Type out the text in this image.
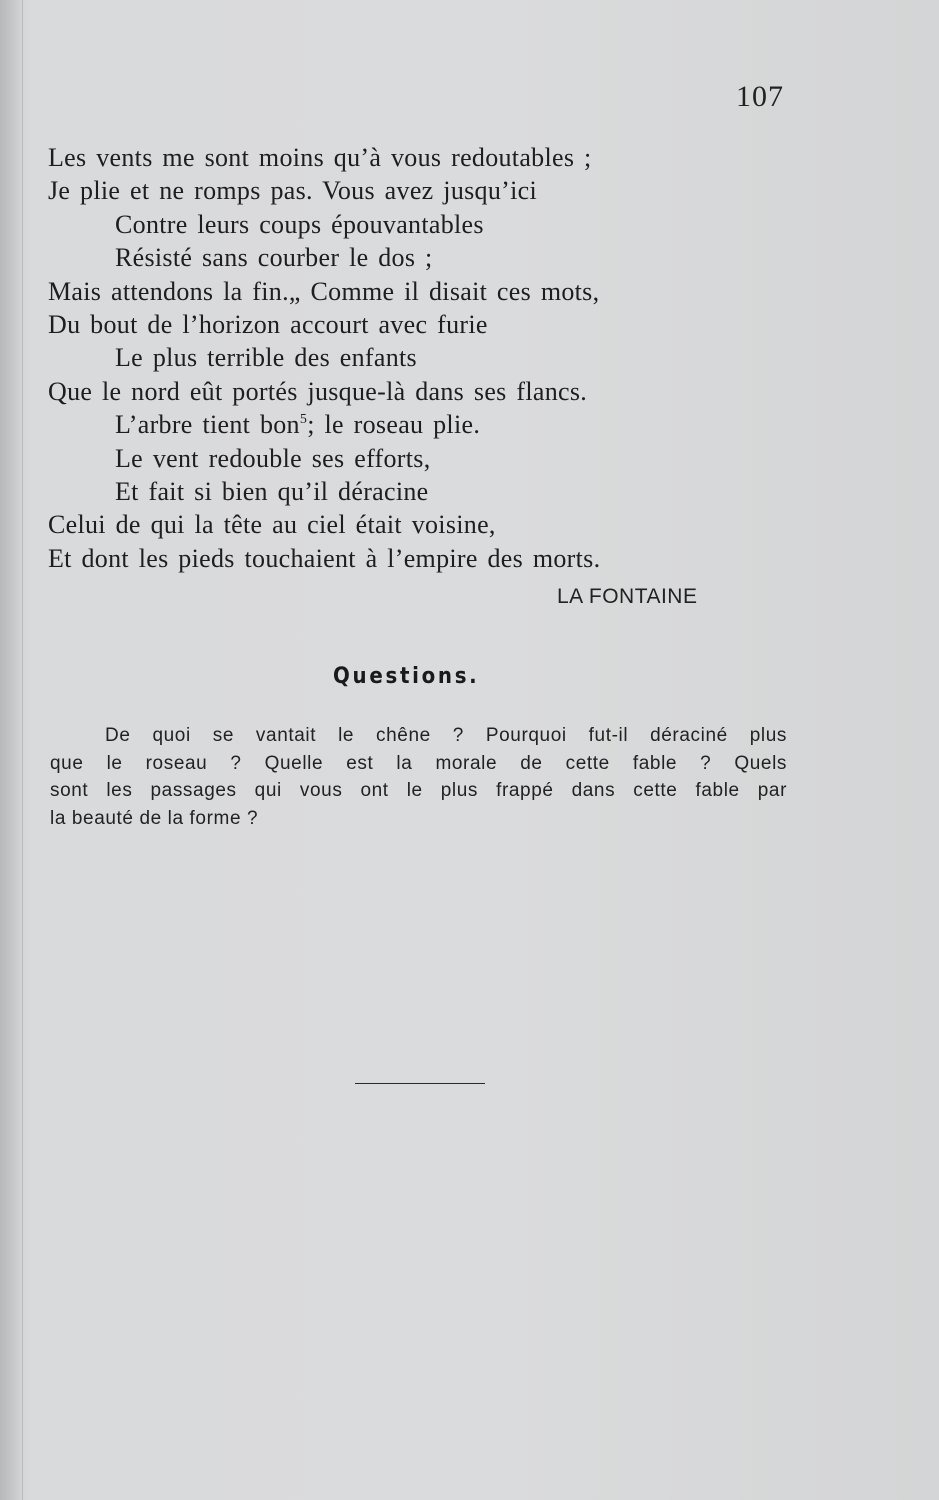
107
Les vents me sont moins qu’à vous redoutables ;
Je plie et ne romps pas. Vous avez jusqu’ici
Contre leurs coups épouvantables
Résisté sans courber le dos ;
Mais attendons la fin.„ Comme il disait ces mots,
Du bout de l’horizon accourt avec furie
Le plus terrible des enfants
Que le nord eût portés jusque-là dans ses flancs.
L’arbre tient bon$^5$; le roseau plie.
Le vent redouble ses efforts,
Et fait si bien qu’il déracine
Celui de qui la tête au ciel était voisine,
Et dont les pieds touchaient à l’empire des morts.
LA FONTAINE
Questions.
De quoi se vantait le chêne ? Pourquoi fut-il déraciné plus
que le roseau ? Quelle est la morale de cette fable ? Quels
sont les passages qui vous ont le plus frappé dans cette fable par
la beauté de la forme ?
